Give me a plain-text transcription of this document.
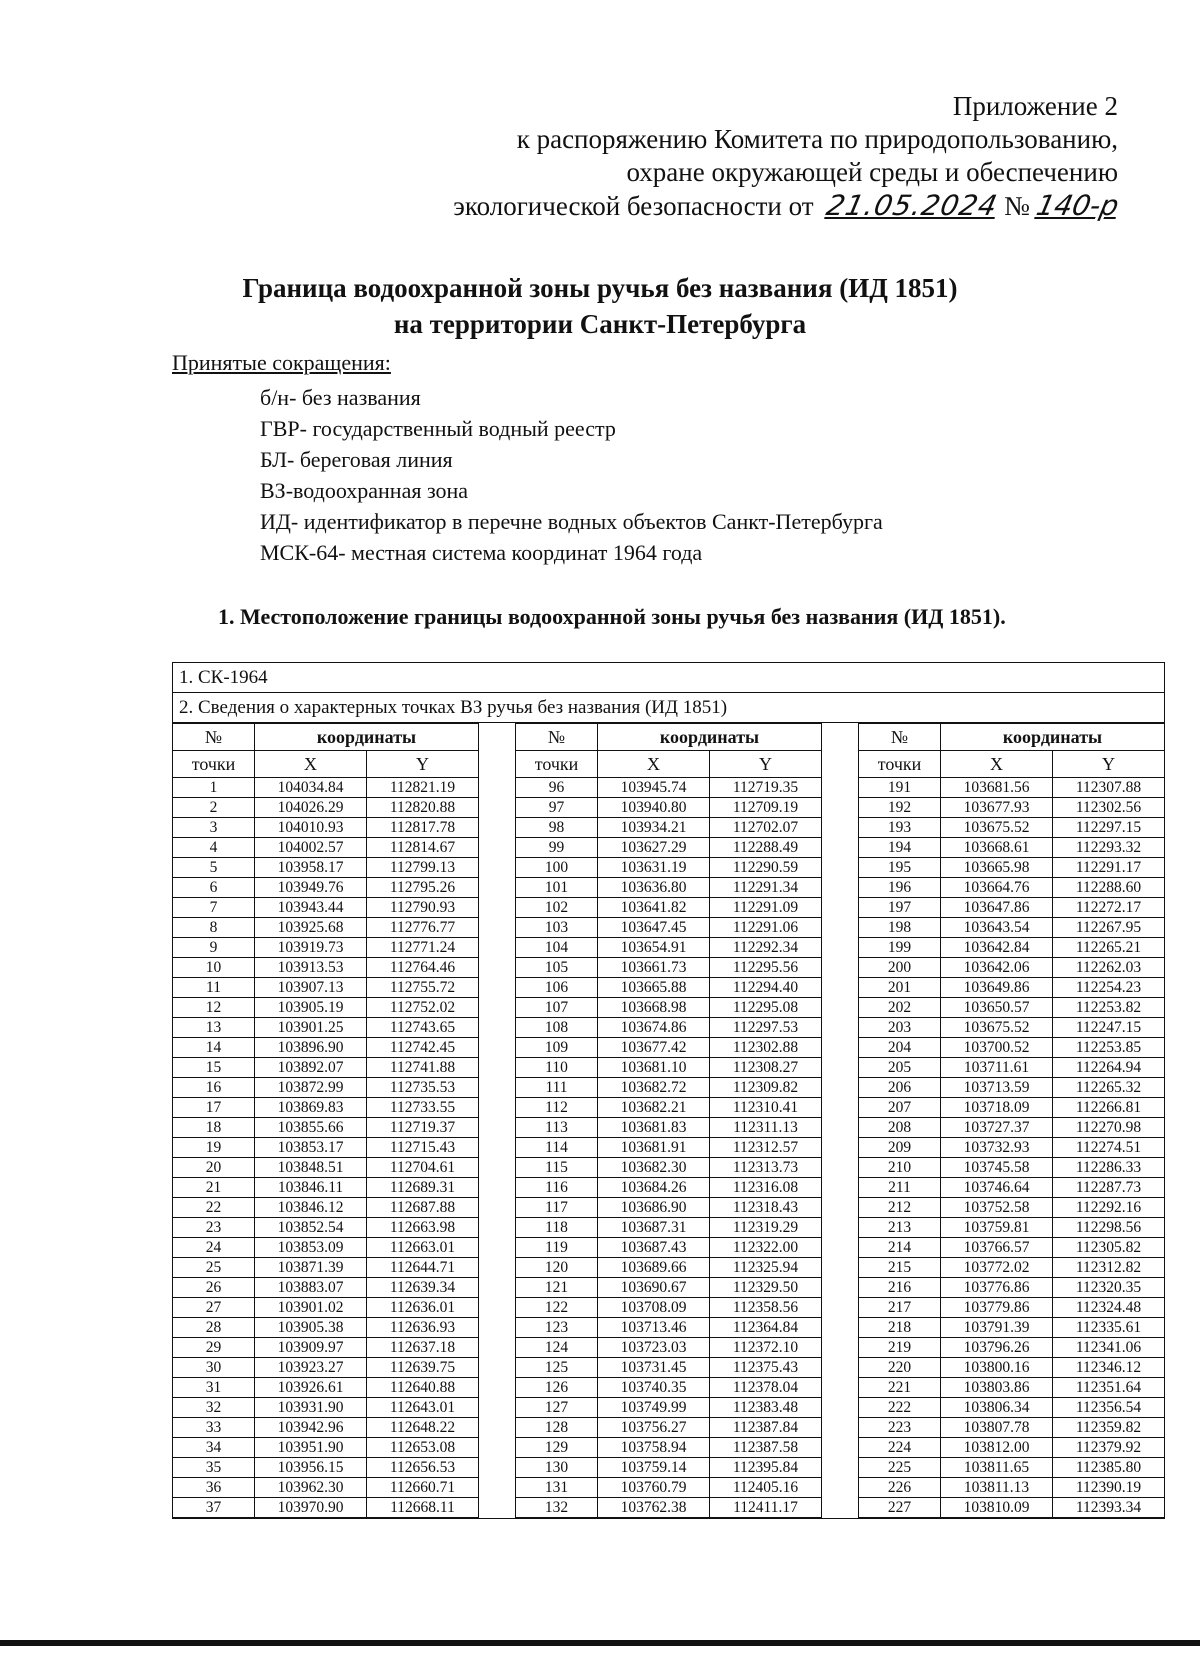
Приложение 2
к распоряжению Комитета по природопользованию,
охране окружающей среды и обеспечению
экологической безопасности от 21.05.2024 № 140-р
Граница водоохранной зоны ручья без названия (ИД 1851)
на территории Санкт-Петербурга
Принятые сокращения:
б/н- без названия
ГВР- государственный водный реестр
БЛ- береговая линия
ВЗ-водоохранная зона
ИД- идентификатор в перечне водных объектов Санкт-Петербурга
МСК-64- местная система координат 1964 года
1. Местоположение границы водоохранной зоны ручья без названия (ИД 1851).
1. СК-1964
2. Сведения о характерных точках ВЗ ручья без названия (ИД 1851)
№	координаты	
точки	X	Y
1	104034.84	112821.19
2	104026.29	112820.88
3	104010.93	112817.78
4	104002.57	112814.67
5	103958.17	112799.13
6	103949.76	112795.26
7	103943.44	112790.93
8	103925.68	112776.77
9	103919.73	112771.24
10	103913.53	112764.46
11	103907.13	112755.72
12	103905.19	112752.02
13	103901.25	112743.65
14	103896.90	112742.45
15	103892.07	112741.88
16	103872.99	112735.53
17	103869.83	112733.55
18	103855.66	112719.37
19	103853.17	112715.43
20	103848.51	112704.61
21	103846.11	112689.31
22	103846.12	112687.88
23	103852.54	112663.98
24	103853.09	112663.01
25	103871.39	112644.71
26	103883.07	112639.34
27	103901.02	112636.01
28	103905.38	112636.93
29	103909.97	112637.18
30	103923.27	112639.75
31	103926.61	112640.88
32	103931.90	112643.01
33	103942.96	112648.22
34	103951.90	112653.08
35	103956.15	112656.53
36	103962.30	112660.71
37	103970.90	112668.11
№	координаты	
точки	X	Y
96	103945.74	112719.35
97	103940.80	112709.19
98	103934.21	112702.07
99	103627.29	112288.49
100	103631.19	112290.59
101	103636.80	112291.34
102	103641.82	112291.09
103	103647.45	112291.06
104	103654.91	112292.34
105	103661.73	112295.56
106	103665.88	112294.40
107	103668.98	112295.08
108	103674.86	112297.53
109	103677.42	112302.88
110	103681.10	112308.27
111	103682.72	112309.82
112	103682.21	112310.41
113	103681.83	112311.13
114	103681.91	112312.57
115	103682.30	112313.73
116	103684.26	112316.08
117	103686.90	112318.43
118	103687.31	112319.29
119	103687.43	112322.00
120	103689.66	112325.94
121	103690.67	112329.50
122	103708.09	112358.56
123	103713.46	112364.84
124	103723.03	112372.10
125	103731.45	112375.43
126	103740.35	112378.04
127	103749.99	112383.48
128	103756.27	112387.84
129	103758.94	112387.58
130	103759.14	112395.84
131	103760.79	112405.16
132	103762.38	112411.17
№	координаты	
точки	X	Y
191	103681.56	112307.88
192	103677.93	112302.56
193	103675.52	112297.15
194	103668.61	112293.32
195	103665.98	112291.17
196	103664.76	112288.60
197	103647.86	112272.17
198	103643.54	112267.95
199	103642.84	112265.21
200	103642.06	112262.03
201	103649.86	112254.23
202	103650.57	112253.82
203	103675.52	112247.15
204	103700.52	112253.85
205	103711.61	112264.94
206	103713.59	112265.32
207	103718.09	112266.81
208	103727.37	112270.98
209	103732.93	112274.51
210	103745.58	112286.33
211	103746.64	112287.73
212	103752.58	112292.16
213	103759.81	112298.56
214	103766.57	112305.82
215	103772.02	112312.82
216	103776.86	112320.35
217	103779.86	112324.48
218	103791.39	112335.61
219	103796.26	112341.06
220	103800.16	112346.12
221	103803.86	112351.64
222	103806.34	112356.54
223	103807.78	112359.82
224	103812.00	112379.92
225	103811.65	112385.80
226	103811.13	112390.19
227	103810.09	112393.34
